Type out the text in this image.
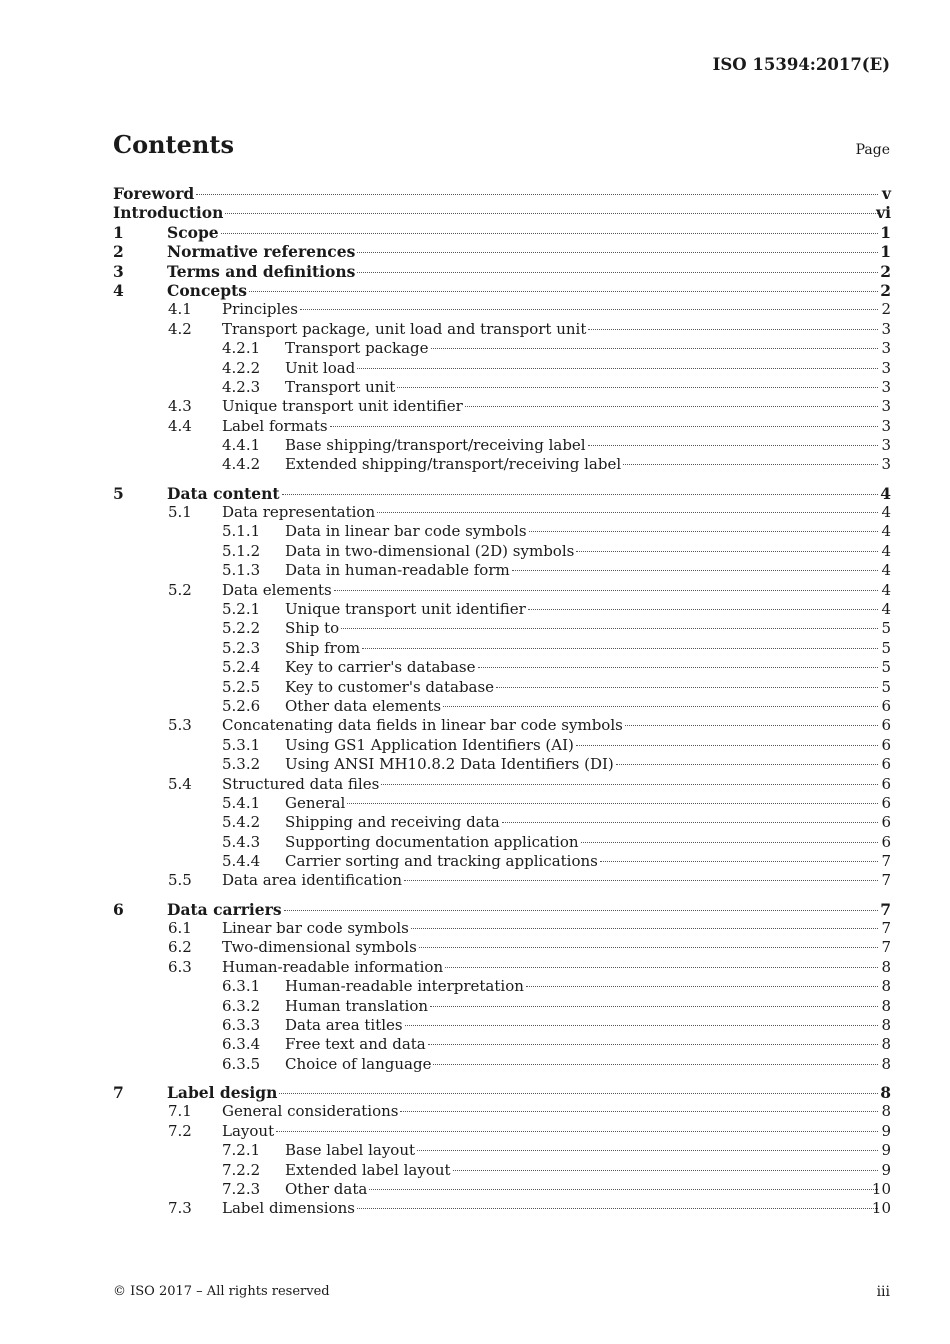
ISO 15394:2017(E)
Contents	Page
Foreword	v
Introduction	vi
1	Scope	1
2	Normative references	1
3	Terms and definitions	2
4	Concepts	2
4.1 Principles	2
4.2 Transport package, unit load and transport unit	3
4.2.1 Transport package	3
4.2.2 Unit load	3
4.2.3 Transport unit	3
4.3 Unique transport unit identifier	3
4.4 Label formats	3
4.4.1 Base shipping/transport/receiving label	3
4.4.2 Extended shipping/transport/receiving label	3
5	Data content	4
5.1 Data representation	4
5.1.1 Data in linear bar code symbols	4
5.1.2 Data in two-dimensional (2D) symbols	4
5.1.3 Data in human-readable form	4
5.2 Data elements	4
5.2.1 Unique transport unit identifier	4
5.2.2 Ship to	5
5.2.3 Ship from	5
5.2.4 Key to carrier's database	5
5.2.5 Key to customer's database	5
5.2.6 Other data elements	6
5.3 Concatenating data fields in linear bar code symbols	6
5.3.1 Using GS1 Application Identifiers (AI)	6
5.3.2 Using ANSI MH10.8.2 Data Identifiers (DI)	6
5.4 Structured data files	6
5.4.1 General	6
5.4.2 Shipping and receiving data	6
5.4.3 Supporting documentation application	6
5.4.4 Carrier sorting and tracking applications	7
5.5 Data area identification	7
6	Data carriers	7
6.1 Linear bar code symbols	7
6.2 Two-dimensional symbols	7
6.3 Human-readable information	8
6.3.1 Human-readable interpretation	8
6.3.2 Human translation	8
6.3.3 Data area titles	8
6.3.4 Free text and data	8
6.3.5 Choice of language	8
7	Label design	8
7.1 General considerations	8
7.2 Layout	9
7.2.1 Base label layout	9
7.2.2 Extended label layout	9
7.2.3 Other data	10
7.3 Label dimensions	10
© ISO 2017 – All rights reserved	iii
